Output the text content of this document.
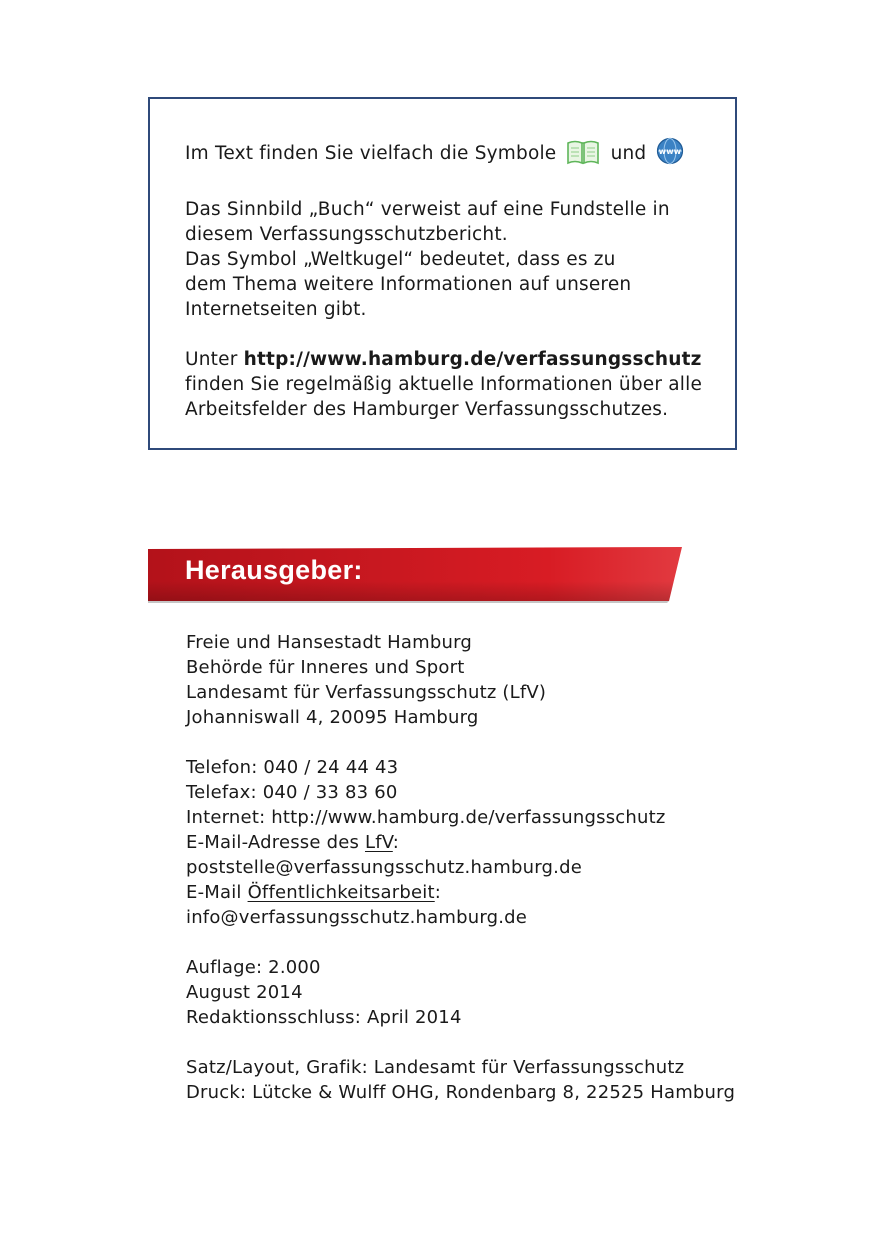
Im Text finden Sie vielfach die Symbole	und www

Das Sinnbild „Buch“ verweist auf eine Fundstelle in
diesem Verfassungsschutzbericht.
Das Symbol „Weltkugel“ bedeutet, dass es zu
dem Thema weitere Informationen auf unseren
Internetseiten gibt.

Unter http://www.hamburg.de/verfassungsschutz
finden Sie regelmäßig aktuelle Informationen über alle
Arbeitsfelder des Hamburger Verfassungsschutzes.

Herausgeber:
Freie und Hansestadt Hamburg
Behörde für Inneres und Sport
Landesamt für Verfassungsschutz (LfV)
Johanniswall 4, 20095 Hamburg
Telefon: 040 / 24 44 43
Telefax: 040 / 33 83 60
Internet: http://www.hamburg.de/verfassungsschutz
E-Mail-Adresse des LfV:
poststelle@verfassungsschutz.hamburg.de
E-Mail Öffentlichkeitsarbeit:
info@verfassungsschutz.hamburg.de
Auflage: 2.000
August 2014
Redaktionsschluss: April 2014
Satz/Layout, Grafik: Landesamt für Verfassungsschutz
Druck: Lütcke & Wulff OHG, Rondenbarg 8, 22525 Hamburg
